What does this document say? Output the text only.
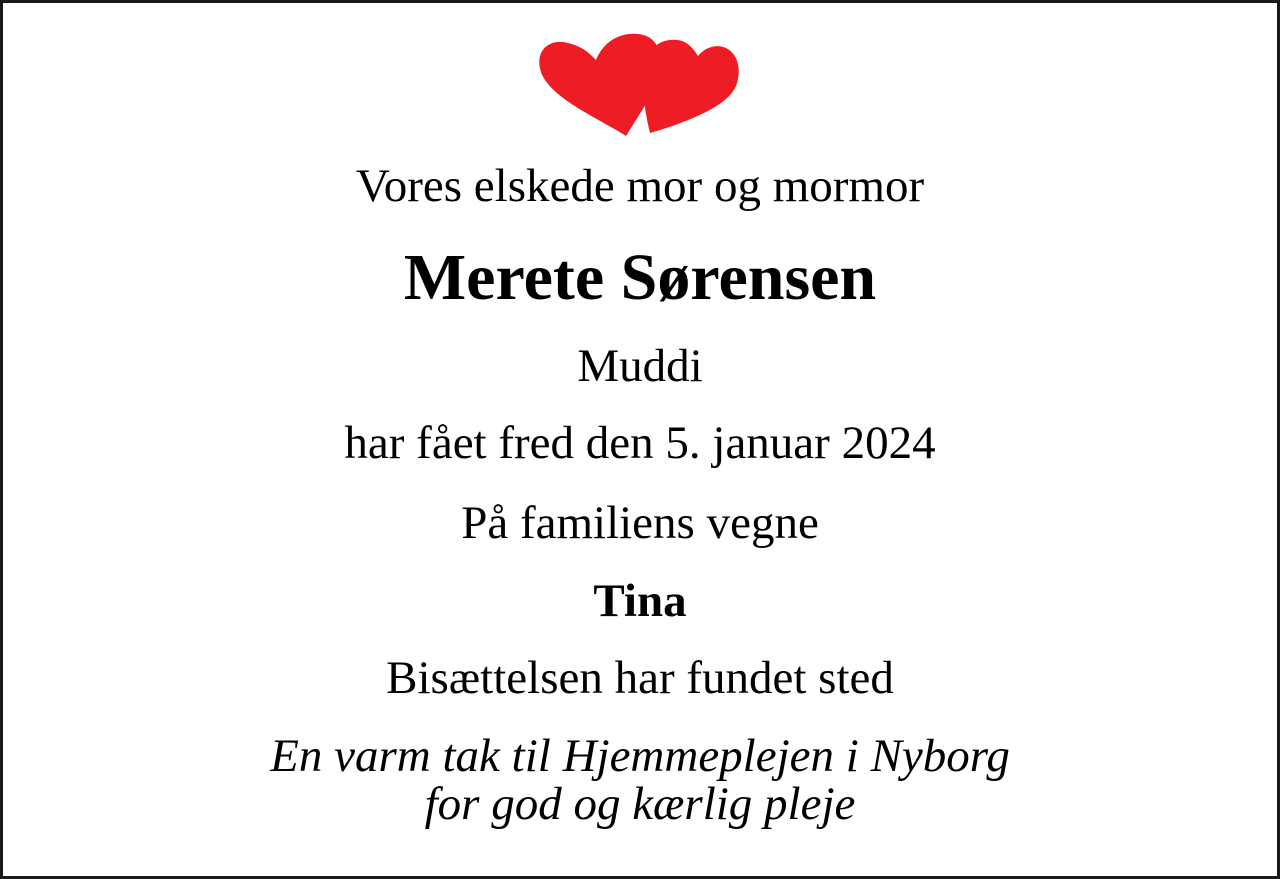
Vores elskede mor og mormor
Merete Sørensen
Muddi
har fået fred den 5. januar 2024
På familiens vegne
Tina
Bisættelsen har fundet sted
En varm tak til Hjemmeplejen i Nyborg
for god og kærlig pleje
